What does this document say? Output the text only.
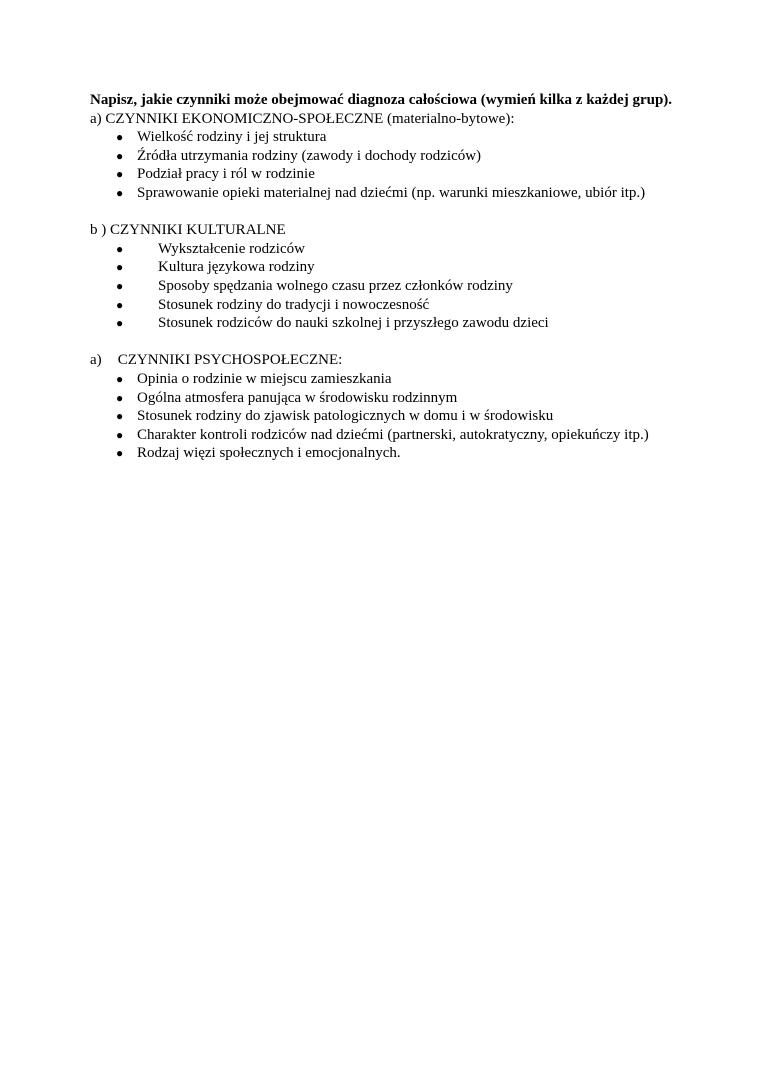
Napisz, jakie czynniki może obejmować diagnoza całościowa (wymień kilka z każdej grup).

a) CZYNNIKI EKONOMICZNO-SPOŁECZNE (materialno-bytowe):

● Wielkość rodziny i jej struktura
● Źródła utrzymania rodziny (zawody i dochody rodziców)
● Podział pracy i ról w rodzinie
● Sprawowanie opieki materialnej nad dziećmi (np. warunki mieszkaniowe, ubiór itp.)

b ) CZYNNIKI KULTURALNE

● Wykształcenie rodziców
● Kultura językowa rodziny
● Sposoby spędzania wolnego czasu przez członków rodziny
● Stosunek rodziny do tradycji i nowoczesność
● Stosunek rodziców do nauki szkolnej i przyszłego zawodu dzieci

a) CZYNNIKI PSYCHOSPOŁECZNE:

● Opinia o rodzinie w miejscu zamieszkania
● Ogólna atmosfera panująca w środowisku rodzinnym
● Stosunek rodziny do zjawisk patologicznych w domu i w środowisku
● Charakter kontroli rodziców nad dziećmi (partnerski, autokratyczny, opiekuńczy itp.)
● Rodzaj więzi społecznych i emocjonalnych.
